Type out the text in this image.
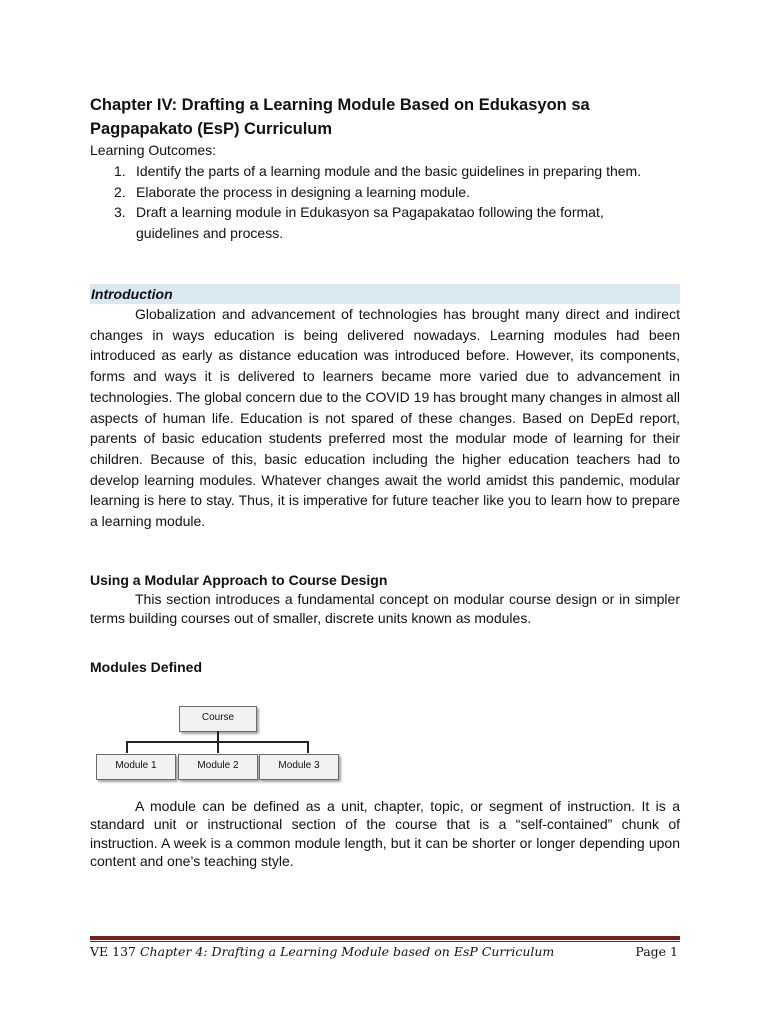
Chapter IV: Drafting a Learning Module Based on Edukasyon sa Pagpapakato (EsP) Curriculum
Learning Outcomes:
1. Identify the parts of a learning module and the basic guidelines in preparing them.
2. Elaborate the process in designing a learning module.
3. Draft a learning module in Edukasyon sa Pagapakatao following the format, guidelines and process.
Introduction

Globalization and advancement of technologies has brought many direct and indirect changes in ways education is being delivered nowadays. Learning modules had been introduced as early as distance education was introduced before. However, its components, forms and ways it is delivered to learners became more varied due to advancement in technologies. The global concern due to the COVID 19 has brought many changes in almost all aspects of human life. Education is not spared of these changes. Based on DepEd report, parents of basic education students preferred most the modular mode of learning for their children. Because of this, basic education including the higher education teachers had to develop learning modules. Whatever changes await the world amidst this pandemic, modular learning is here to stay. Thus, it is imperative for future teacher like you to learn how to prepare a learning module.

Using a Modular Approach to Course Design

This section introduces a fundamental concept on modular course design or in simpler terms building courses out of smaller, discrete units known as modules.

Modules Defined

A module can be defined as a unit, chapter, topic, or segment of instruction. It is a standard unit or instructional section of the course that is a “self-contained” chunk of instruction. A week is a common module length, but it can be shorter or longer depending upon content and one’s teaching style.

Course
Module 1	Module 2	Module 3
VE 137 Chapter 4: Drafting a Learning Module based on EsP Curriculum	Page 1
